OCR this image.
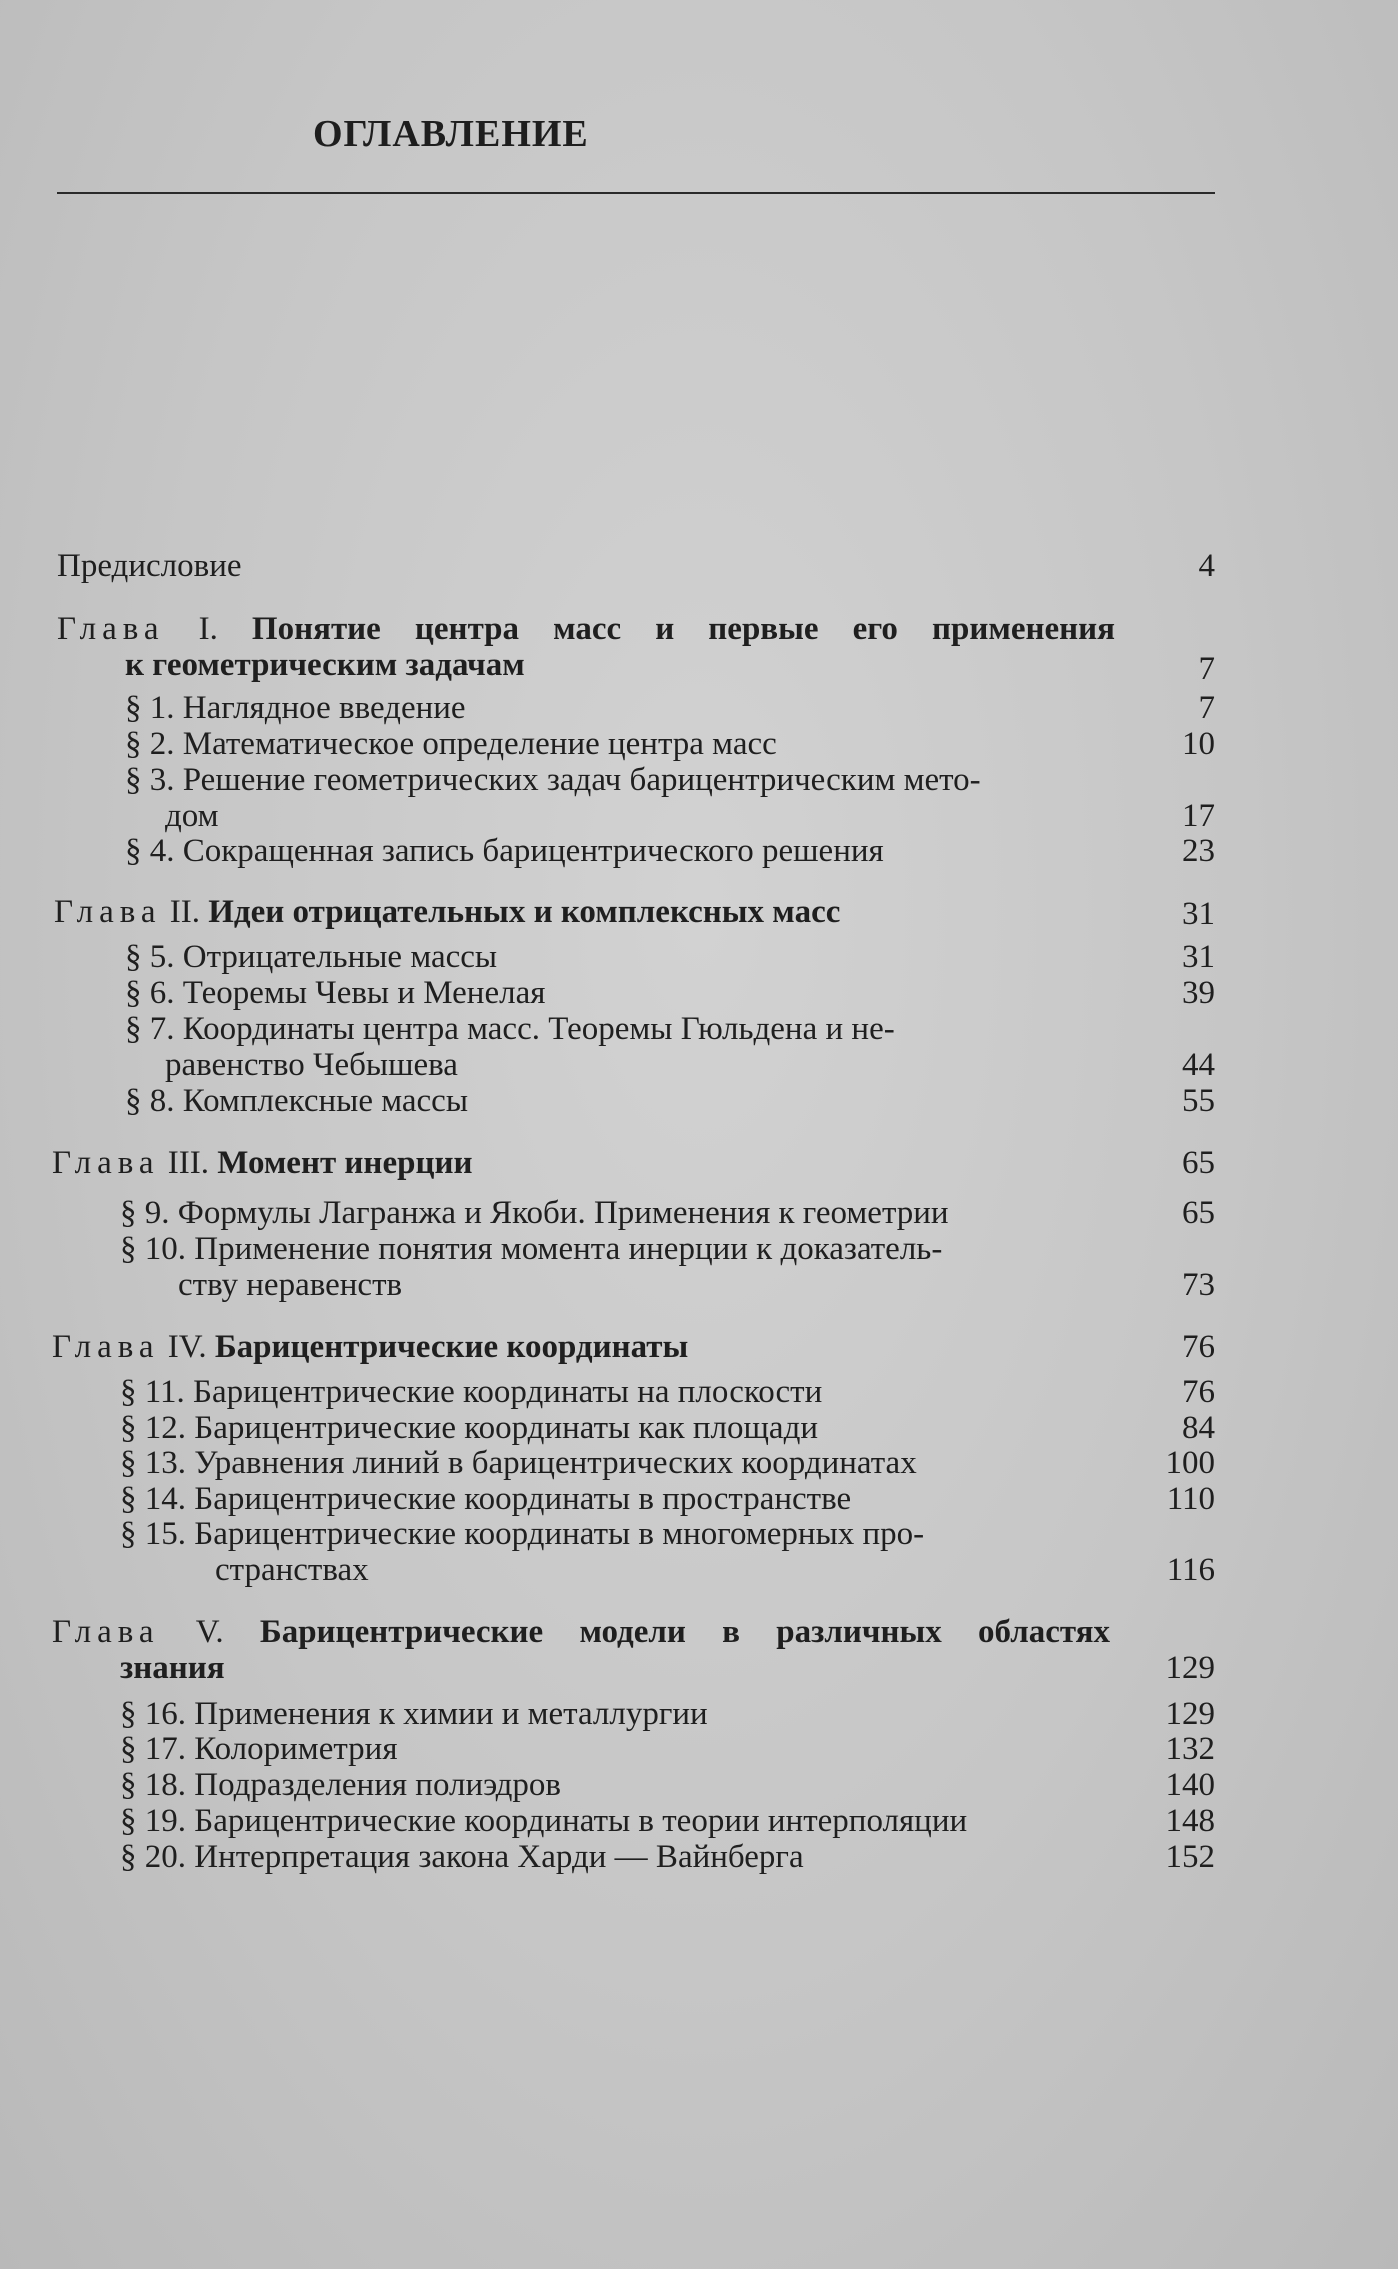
ОГЛАВЛЕНИЕ
Предисловие	4
Глава I. Понятие центра масс и первые его применения
к геометрическим задачам	7
§ 1. Наглядное введение	7
§ 2. Математическое определение центра масс	10
§ 3. Решение геометрических задач барицентрическим мето-
дом	17
§ 4. Сокращенная запись барицентрического решения	23
Глава II. Идеи отрицательных и комплексных масс	31
§ 5. Отрицательные массы	31
§ 6. Теоремы Чевы и Менелая	39
§ 7. Координаты центра масс. Теоремы Гюльдена и не-
равенство Чебышева	44
§ 8. Комплексные массы	55
Глава III. Момент инерции	65
§ 9. Формулы Лагранжа и Якоби. Применения к геометрии	65
§ 10. Применение понятия момента инерции к доказатель-
ству неравенств	73
Глава IV. Барицентрические координаты	76
§ 11. Барицентрические координаты на плоскости	76
§ 12. Барицентрические координаты как площади	84
§ 13. Уравнения линий в барицентрических координатах	100
§ 14. Барицентрические координаты в пространстве	110
§ 15. Барицентрические координаты в многомерных про-
странствах	116
Глава V. Барицентрические модели в различных областях
знания	129
§ 16. Применения к химии и металлургии	129
§ 17. Колориметрия	132
§ 18. Подразделения полиэдров	140
§ 19. Барицентрические координаты в теории интерполяции	148
§ 20. Интерпретация закона Харди — Вайнберга	152
